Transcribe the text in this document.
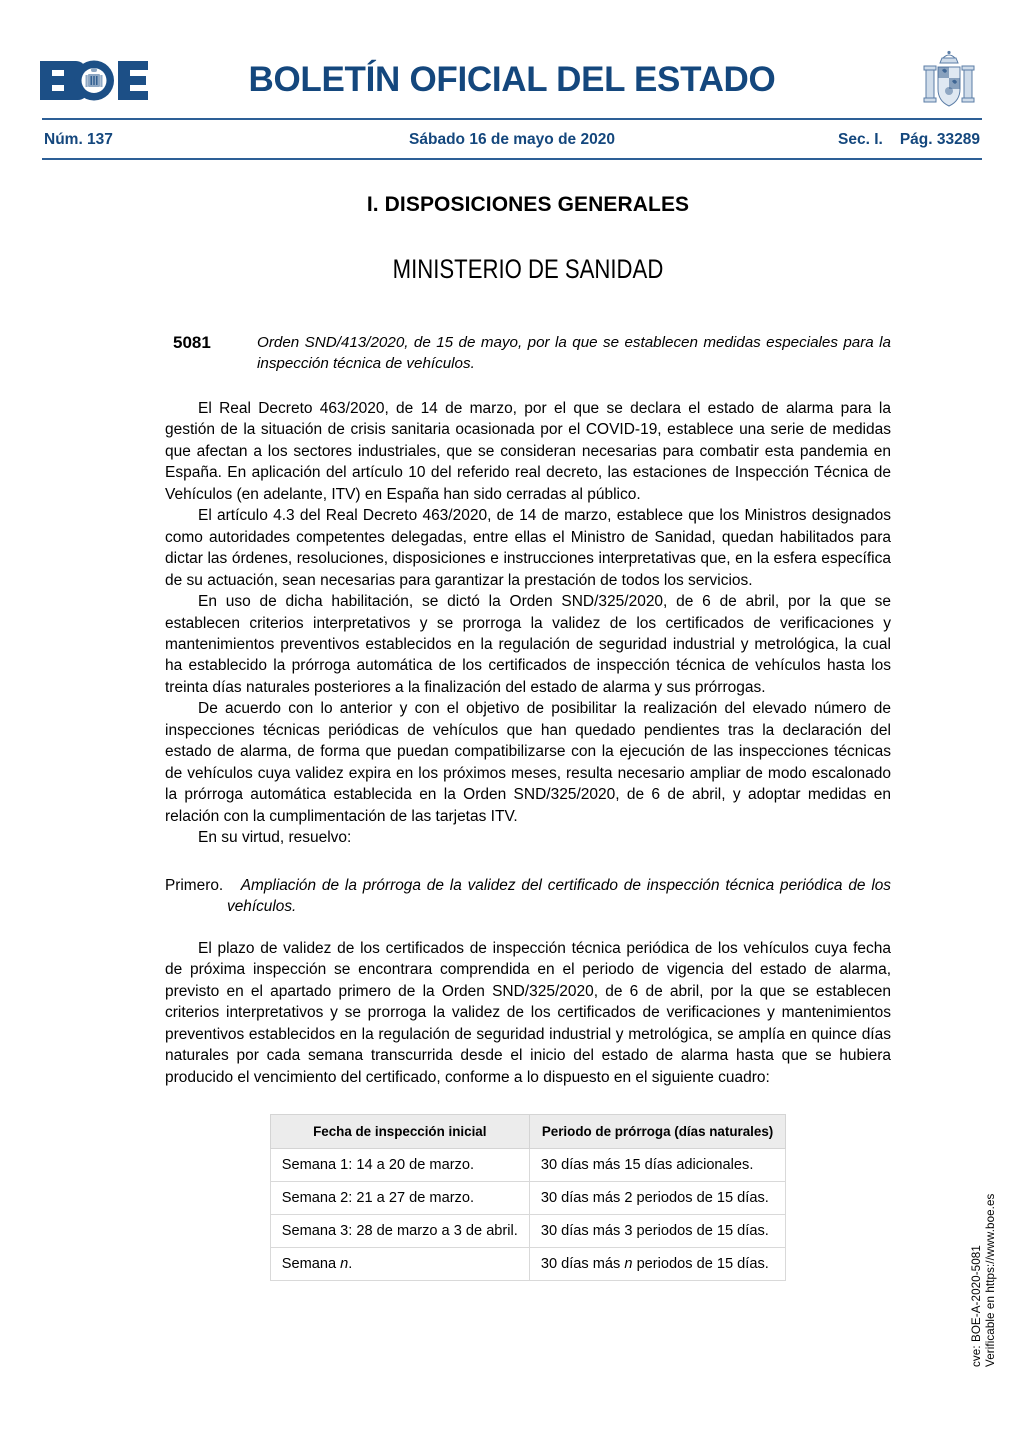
BOLETÍN OFICIAL DEL ESTADO
Núm. 137	Sábado 16 de mayo de 2020	Sec. I. Pág. 33289
I. DISPOSICIONES GENERALES
MINISTERIO DE SANIDAD
5081	Orden SND/413/2020, de 15 de mayo, por la que se establecen medidas especiales para la inspección técnica de vehículos.

El Real Decreto 463/2020, de 14 de marzo, por el que se declara el estado de alarma para la gestión de la situación de crisis sanitaria ocasionada por el COVID-19, establece una serie de medidas que afectan a los sectores industriales, que se consideran necesarias para combatir esta pandemia en España. En aplicación del artículo 10 del referido real decreto, las estaciones de Inspección Técnica de Vehículos (en adelante, ITV) en España han sido cerradas al público.

El artículo 4.3 del Real Decreto 463/2020, de 14 de marzo, establece que los Ministros designados como autoridades competentes delegadas, entre ellas el Ministro de Sanidad, quedan habilitados para dictar las órdenes, resoluciones, disposiciones e instrucciones interpretativas que, en la esfera específica de su actuación, sean necesarias para garantizar la prestación de todos los servicios.

En uso de dicha habilitación, se dictó la Orden SND/325/2020, de 6 de abril, por la que se establecen criterios interpretativos y se prorroga la validez de los certificados de verificaciones y mantenimientos preventivos establecidos en la regulación de seguridad industrial y metrológica, la cual ha establecido la prórroga automática de los certificados de inspección técnica de vehículos hasta los treinta días naturales posteriores a la finalización del estado de alarma y sus prórrogas.

De acuerdo con lo anterior y con el objetivo de posibilitar la realización del elevado número de inspecciones técnicas periódicas de vehículos que han quedado pendientes tras la declaración del estado de alarma, de forma que puedan compatibilizarse con la ejecución de las inspecciones técnicas de vehículos cuya validez expira en los próximos meses, resulta necesario ampliar de modo escalonado la prórroga automática establecida en la Orden SND/325/2020, de 6 de abril, y adoptar medidas en relación con la cumplimentación de las tarjetas ITV.

En su virtud, resuelvo:

Primero. Ampliación de la prórroga de la validez del certificado de inspección técnica periódica de los vehículos.

El plazo de validez de los certificados de inspección técnica periódica de los vehículos cuya fecha de próxima inspección se encontrara comprendida en el periodo de vigencia del estado de alarma, previsto en el apartado primero de la Orden SND/325/2020, de 6 de abril, por la que se establecen criterios interpretativos y se prorroga la validez de los certificados de verificaciones y mantenimientos preventivos establecidos en la regulación de seguridad industrial y metrológica, se amplía en quince días naturales por cada semana transcurrida desde el inicio del estado de alarma hasta que se hubiera producido el vencimiento del certificado, conforme a lo dispuesto en el siguiente cuadro:

Fecha de inspección inicial	Periodo de prórroga (días naturales)
Semana 1: 14 a 20 de marzo.	30 días más 15 días adicionales.
Semana 2: 21 a 27 de marzo.	30 días más 2 periodos de 15 días.
Semana 3: 28 de marzo a 3 de abril.	30 días más 3 periodos de 15 días.
Semana n.	30 días más n periodos de 15 días.	cve: BOE-A-2020-5081 Verificable en https://www.boe.es
